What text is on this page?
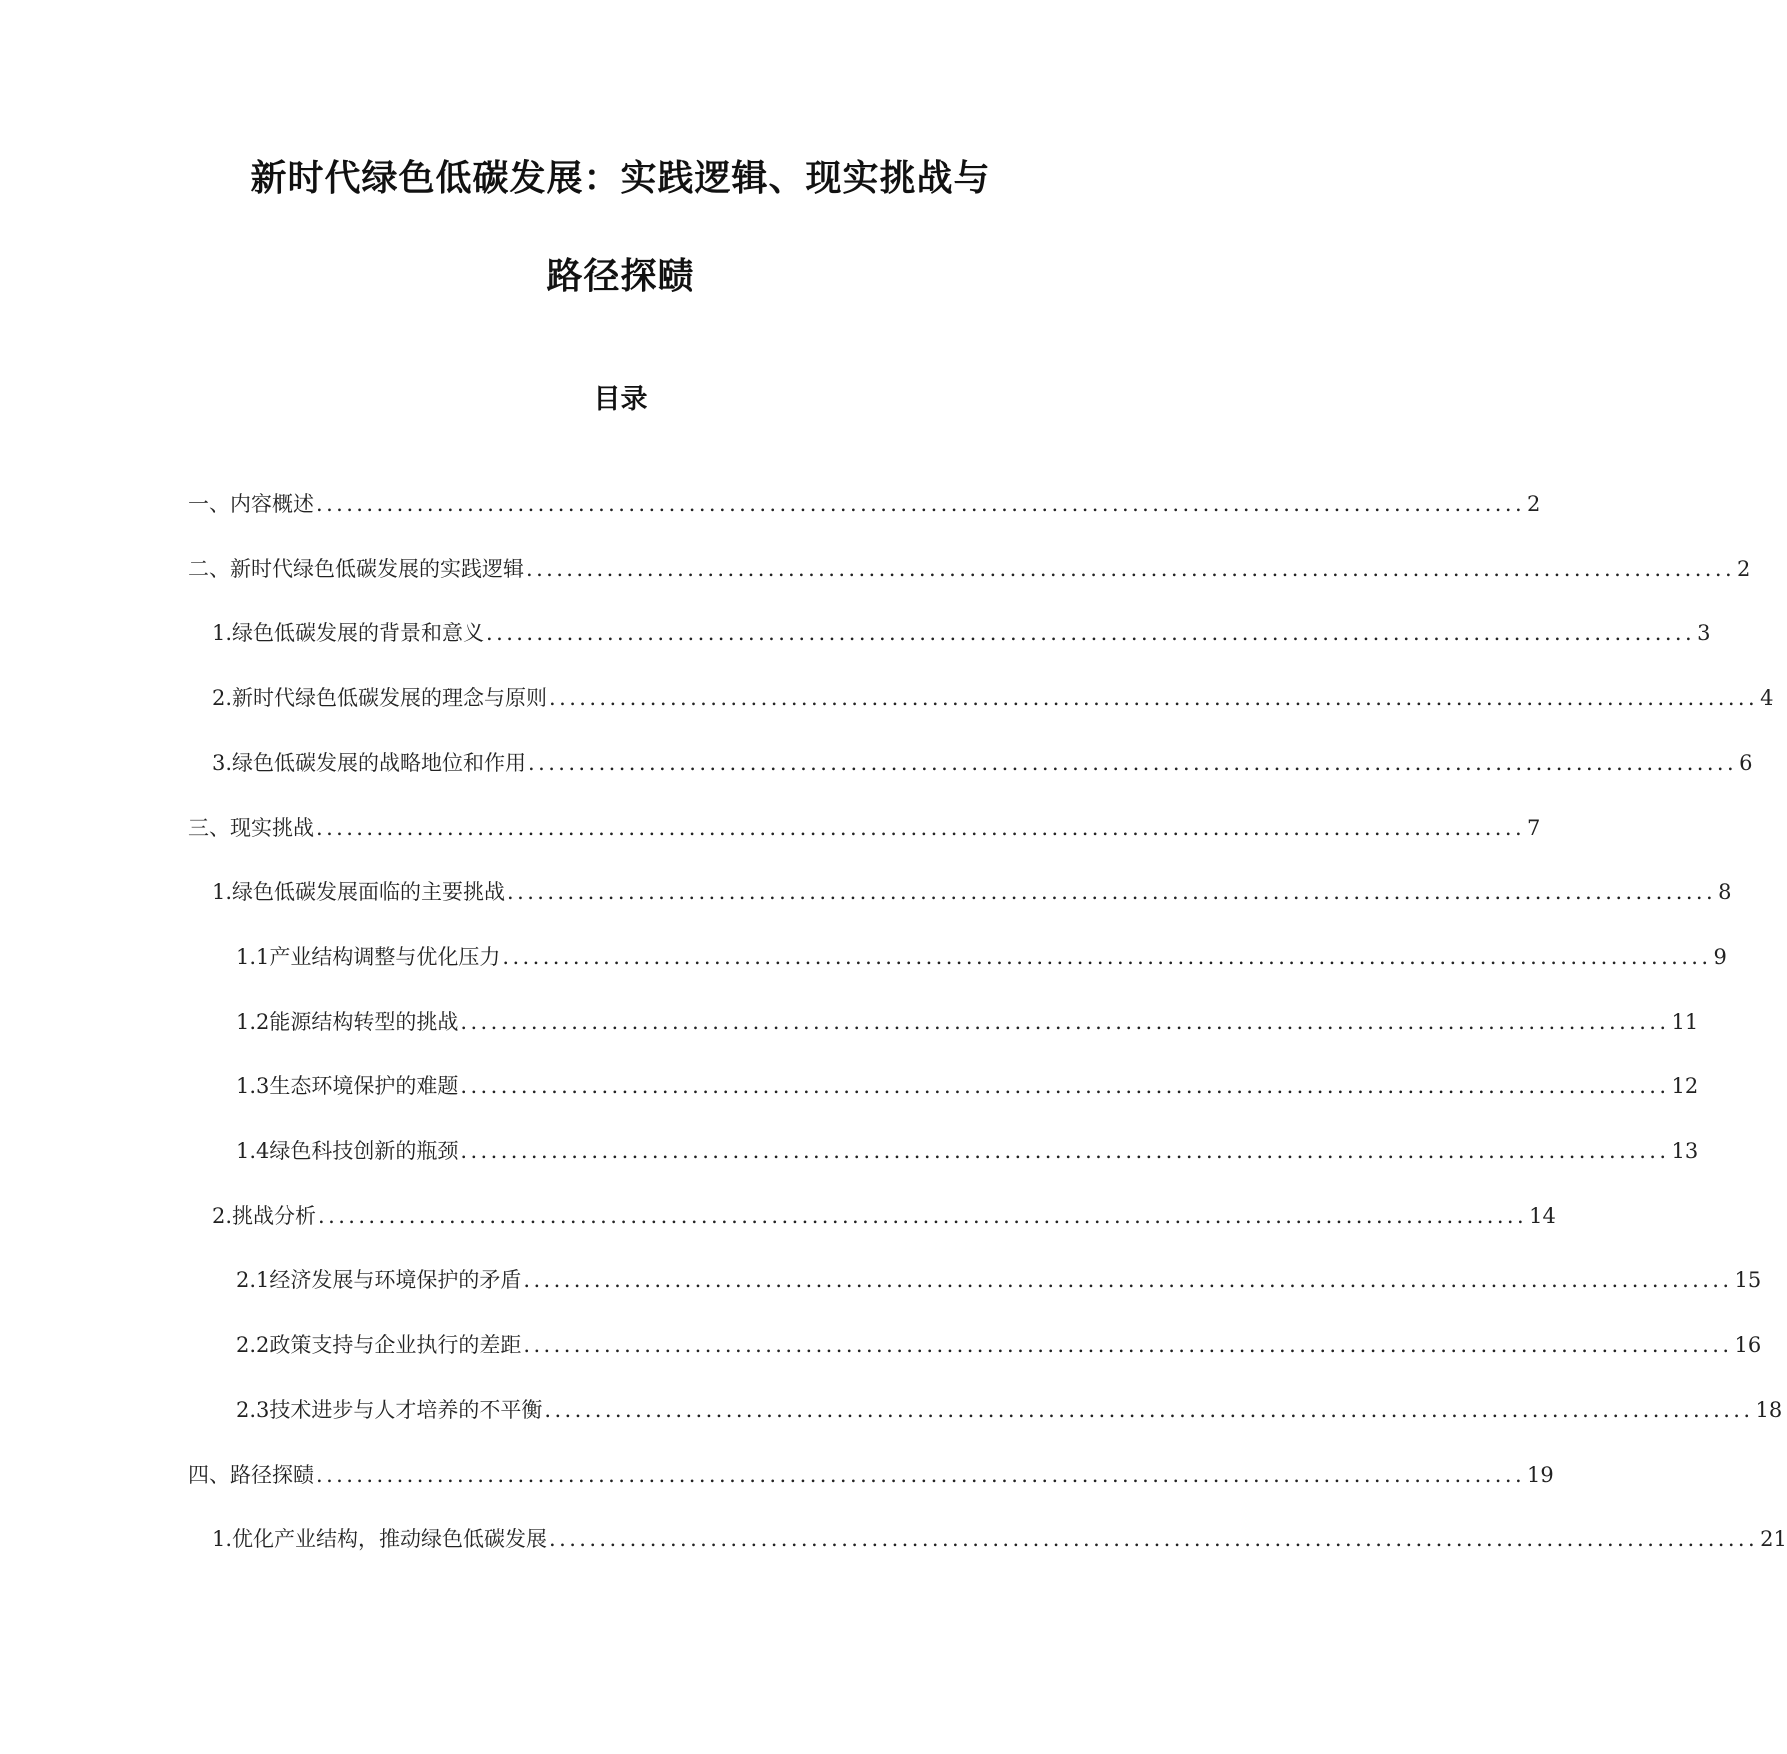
新时代绿色低碳发展：实践逻辑、现实挑战与
路径探赜
目录
一、 内容概述 ........................................................................................................................ 2
二、 新时代绿色低碳发展的实践逻辑 ........................................................................................................................ 2
1. 绿色低碳发展的背景和意义 ........................................................................................................................ 3
2. 新时代绿色低碳发展的理念与原则 ........................................................................................................................ 4
3. 绿色低碳发展的战略地位和作用 ........................................................................................................................ 6
三、 现实挑战 ........................................................................................................................ 7
1. 绿色低碳发展面临的主要挑战 ........................................................................................................................ 8
1.1 产业结构调整与优化压力 ........................................................................................................................ 9
1.2 能源结构转型的挑战 ........................................................................................................................ 11
1.3 生态环境保护的难题 ........................................................................................................................ 12
1.4 绿色科技创新的瓶颈 ........................................................................................................................ 13
2. 挑战分析 ........................................................................................................................ 14
2.1 经济发展与环境保护的矛盾 ........................................................................................................................ 15
2.2 政策支持与企业执行的差距 ........................................................................................................................ 16
2.3 技术进步与人才培养的不平衡 ........................................................................................................................ 18
四、 路径探赜 ........................................................................................................................ 19
1. 优化产业结构，推动绿色低碳发展 ........................................................................................................................ 21
